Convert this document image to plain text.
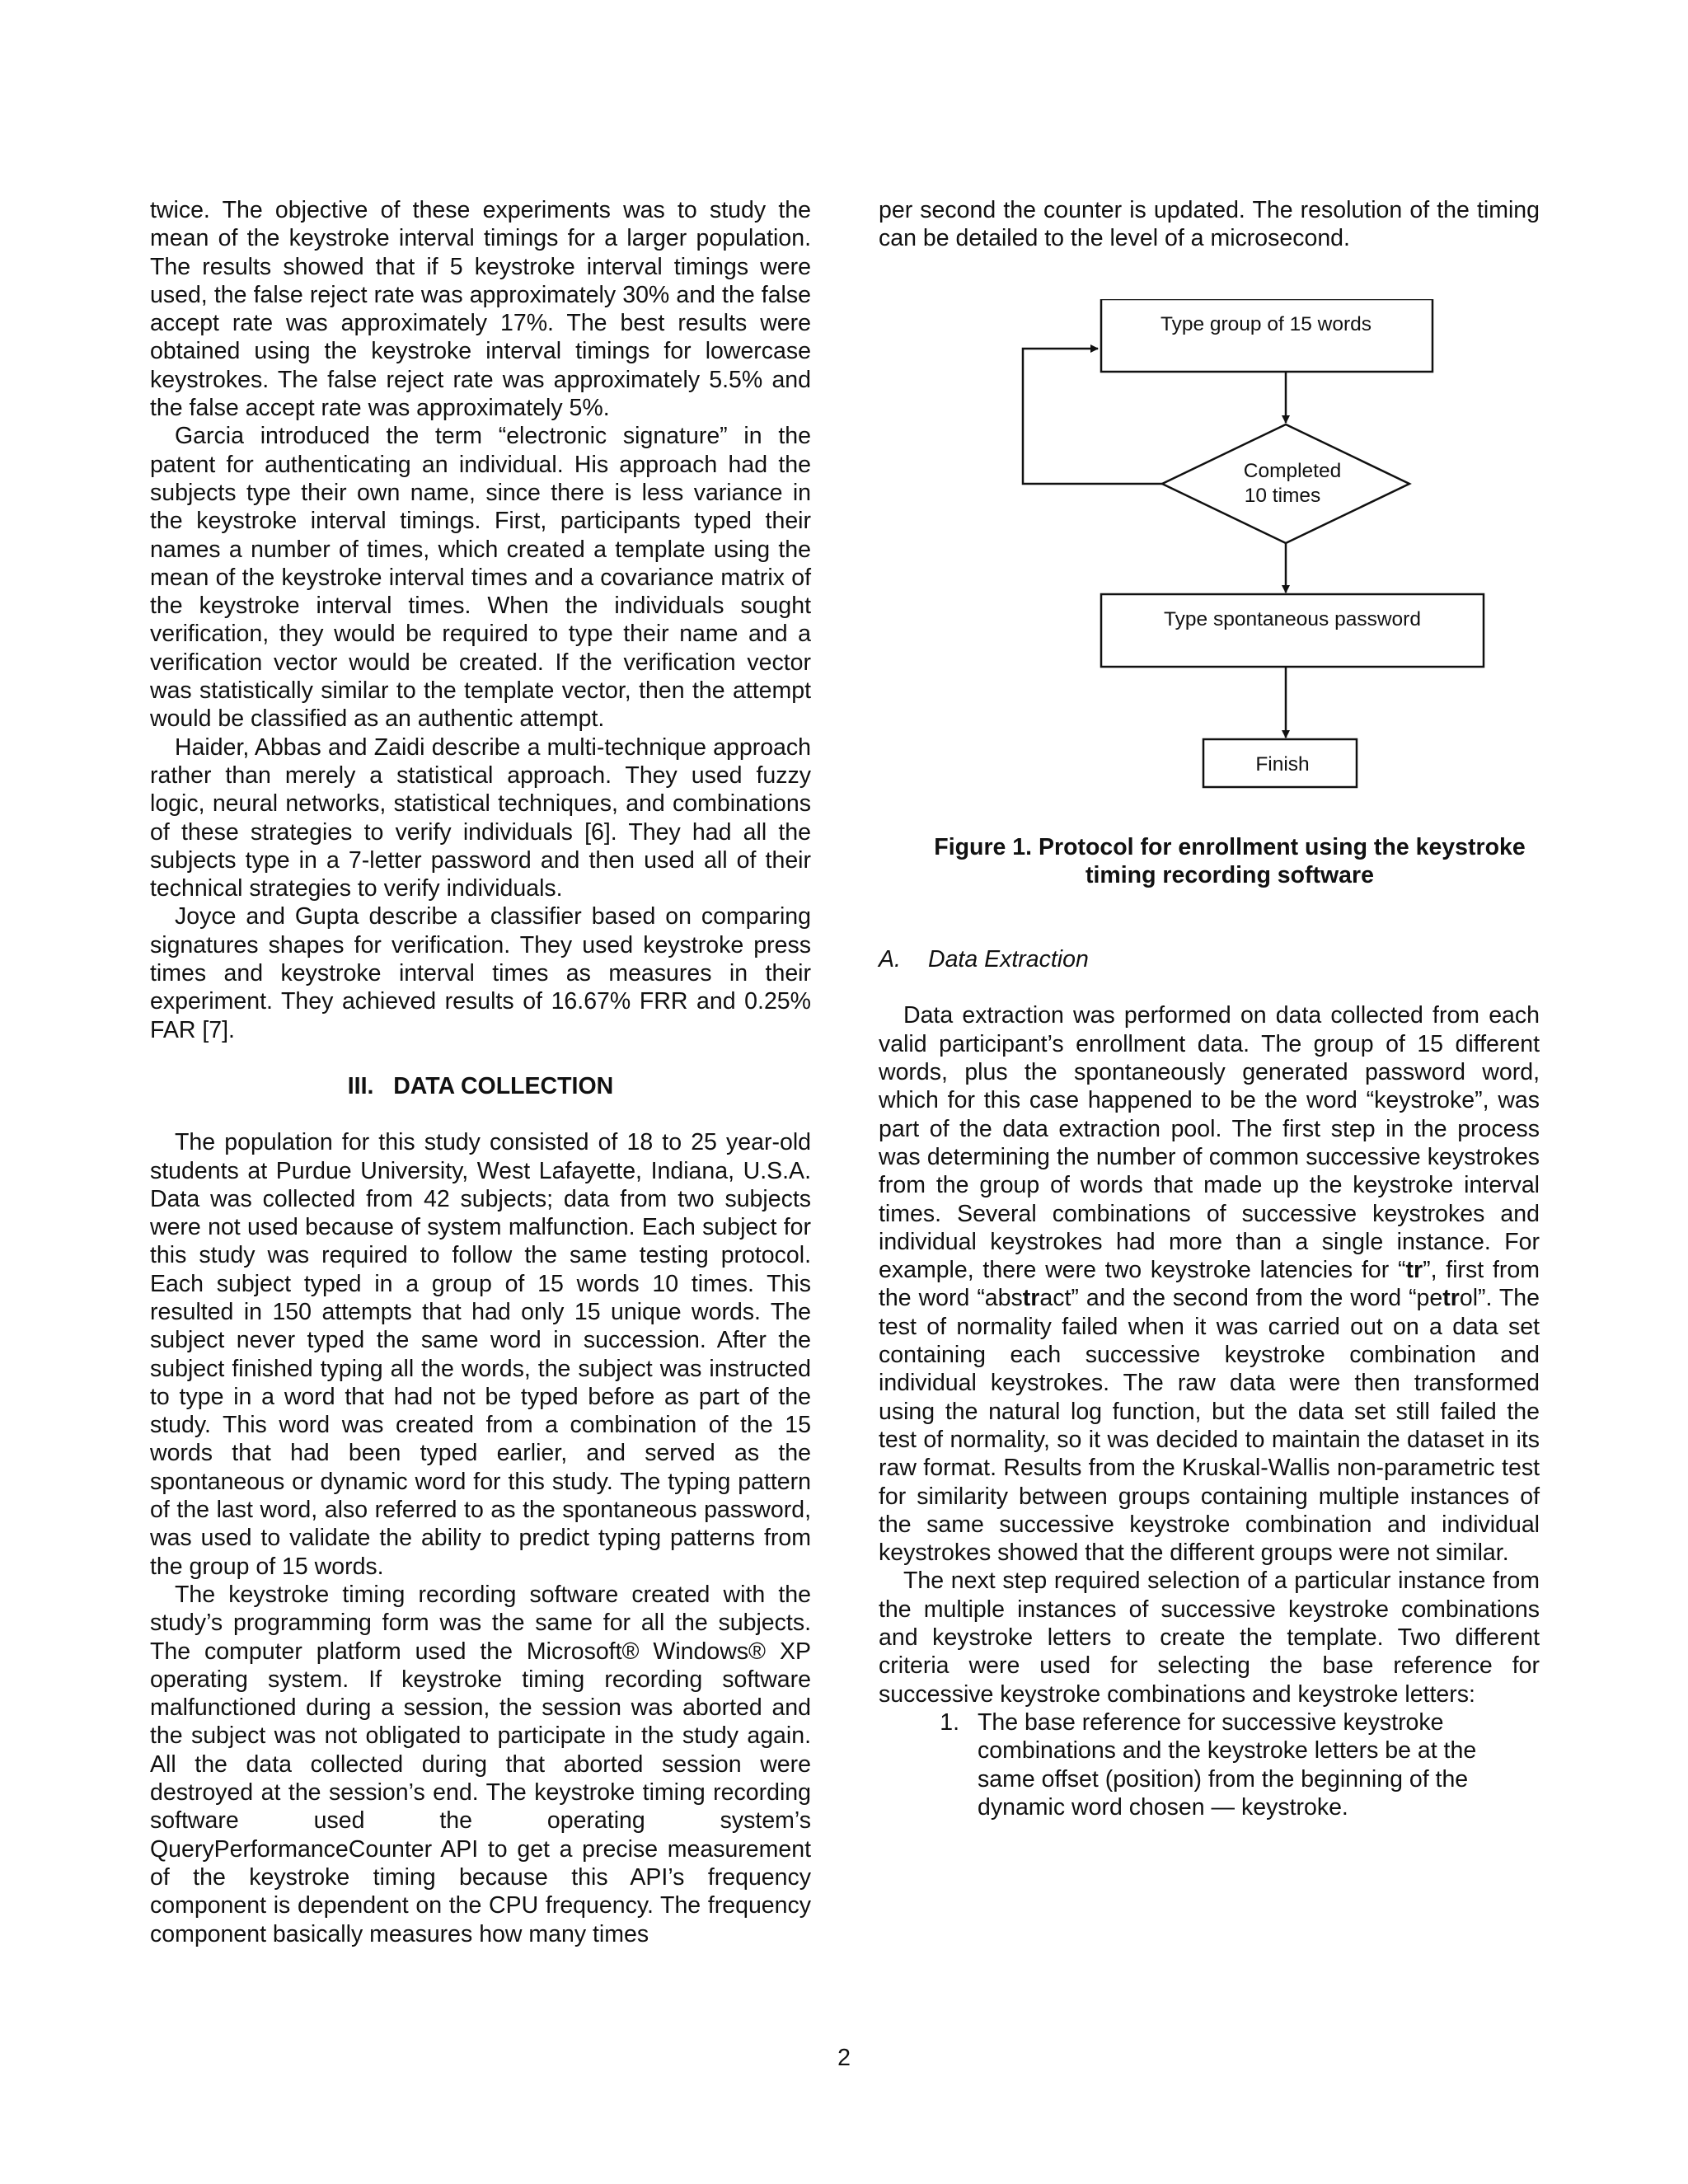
twice. The objective of these experiments was to study the mean of the keystroke interval timings for a larger population. The results showed that if 5 keystroke interval timings were used, the false reject rate was approximately 30% and the false accept rate was approximately 17%. The best results were obtained using the keystroke interval timings for lowercase keystrokes. The false reject rate was approximately 5.5% and the false accept rate was approximately 5%.

Garcia introduced the term “electronic signature” in the patent for authenticating an individual. His approach had the subjects type their own name, since there is less variance in the keystroke interval timings. First, participants typed their names a number of times, which created a template using the mean of the keystroke interval times and a covariance matrix of the keystroke interval times. When the individuals sought verification, they would be required to type their name and a verification vector would be created. If the verification vector was statistically similar to the template vector, then the attempt would be classified as an authentic attempt.

Haider, Abbas and Zaidi describe a multi-technique approach rather than merely a statistical approach. They used fuzzy logic, neural networks, statistical techniques, and combinations of these strategies to verify individuals [6]. They had all the subjects type in a 7-letter password and then used all of their technical strategies to verify individuals.

Joyce and Gupta describe a classifier based on comparing signatures shapes for verification. They used keystroke press times and keystroke interval times as measures in their experiment. They achieved results of 16.67% FRR and 0.25% FAR [7].

III.   DATA COLLECTION

The population for this study consisted of 18 to 25 year-old students at Purdue University, West Lafayette, Indiana, U.S.A. Data was collected from 42 subjects; data from two subjects were not used because of system malfunction. Each subject for this study was required to follow the same testing protocol. Each subject typed in a group of 15 words 10 times. This resulted in 150 attempts that had only 15 unique words. The subject never typed the same word in succession. After the subject finished typing all the words, the subject was instructed to type in a word that had not be typed before as part of the study. This word was created from a combination of the 15 words that had been typed earlier, and served as the spontaneous or dynamic word for this study. The typing pattern of the last word, also referred to as the spontaneous password, was used to validate the ability to predict typing patterns from the group of 15 words.

The keystroke timing recording software created with the study’s programming form was the same for all the subjects. The computer platform used the Microsoft® Windows® XP operating system. If keystroke timing recording software malfunctioned during a session, the session was aborted and the subject was not obligated to participate in the study again. All the data collected during that aborted session were destroyed at the session’s end. The keystroke timing recording software used the operating system’s QueryPerformanceCounter API to get a precise measurement of the keystroke timing because this API’s frequency component is dependent on the CPU frequency. The frequency component basically measures how many times

per second the counter is updated. The resolution of the timing can be detailed to the level of a microsecond.

Type group of 15 words
Completed
10 times
Type spontaneous password
Finish

Figure 1. Protocol for enrollment using the keystroke
timing recording software

A. Data Extraction

Data extraction was performed on data collected from each valid participant’s enrollment data. The group of 15 different words, plus the spontaneously generated password word, which for this case happened to be the word “keystroke”, was part of the data extraction pool. The first step in the process was determining the number of common successive keystrokes from the group of words that made up the keystroke interval times. Several combinations of successive keystrokes and individual keystrokes had more than a single instance. For example, there were two keystroke latencies for “tr”, first from the word “abstract” and the second from the word “petrol”. The test of normality failed when it was carried out on a data set containing each successive keystroke combination and individual keystrokes. The raw data were then transformed using the natural log function, but the data set still failed the test of normality, so it was decided to maintain the dataset in its raw format. Results from the Kruskal-Wallis non-parametric test for similarity between groups containing multiple instances of the same successive keystroke combination and individual keystrokes showed that the different groups were not similar.

The next step required selection of a particular instance from the multiple instances of successive keystroke combinations and keystroke letters to create the template. Two different criteria were used for selecting the base reference for successive keystroke combinations and keystroke letters:

1. The base reference for successive keystroke combinations and the keystroke letters be at the same offset (position) from the beginning of the dynamic word chosen — keystroke.
2
